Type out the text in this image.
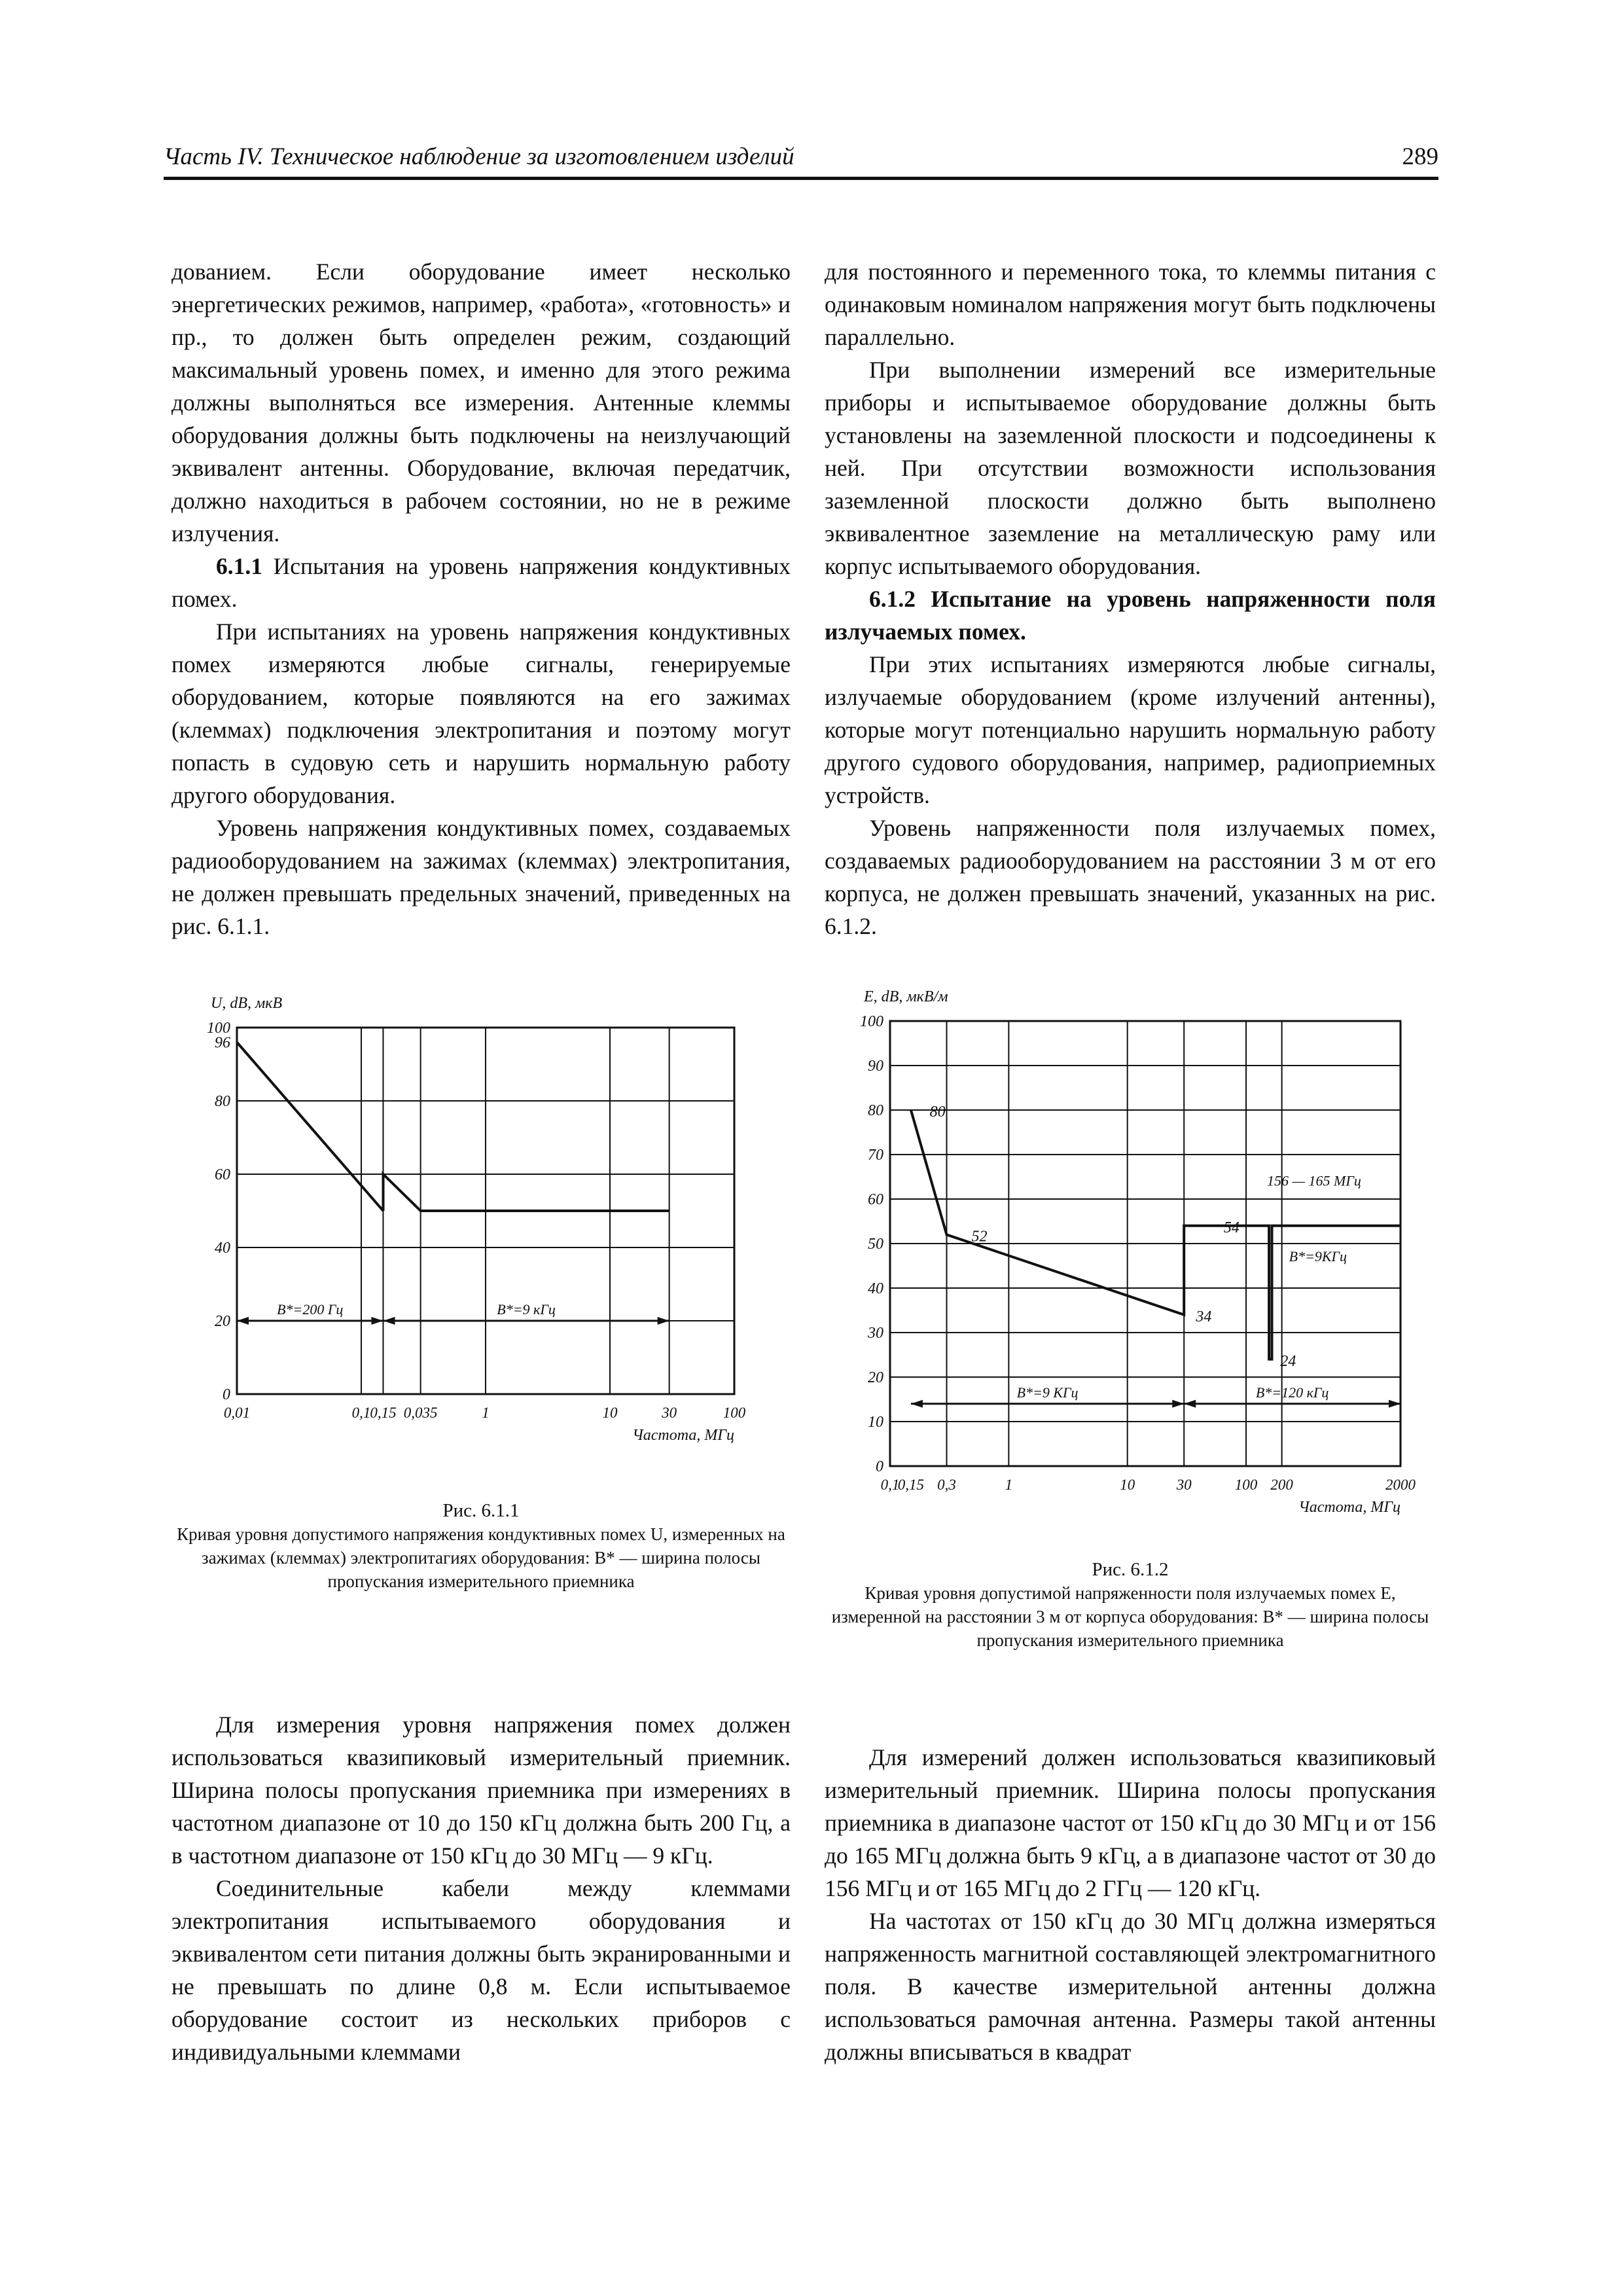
Часть IV. Техническое наблюдение за изготовлением изделий	289

дованием. Если оборудование имеет несколько энергетических режимов, например, «работа», «готовность» и пр., то должен быть определен режим, создающий максимальный уровень помех, и именно для этого режима должны выполняться все измерения. Антенные клеммы оборудования должны быть подключены на неизлучающий эквивалент антенны. Оборудование, включая передатчик, должно находиться в рабочем состоянии, но не в режиме излучения.

6.1.1 Испытания на уровень напряжения кондуктивных помех.

При испытаниях на уровень напряжения кондуктивных помех измеряются любые сигналы, генерируемые оборудованием, которые появляются на его зажимах (клеммах) подключения электропитания и поэтому могут попасть в судовую сеть и нарушить нормальную работу другого оборудования.

Уровень напряжения кондуктивных помех, создаваемых радиооборудованием на зажимах (клеммах) электропитания, не должен превышать предельных значений, приведенных на рис. 6.1.1.

для постоянного и переменного тока, то клеммы питания с одинаковым номиналом напряжения могут быть подключены параллельно.

При выполнении измерений все измерительные приборы и испытываемое оборудование должны быть установлены на заземленной плоскости и подсоединены к ней. При отсутствии возможности использования заземленной плоскости должно быть выполнено эквивалентное заземление на металлическую раму или корпус испытываемого оборудования.

6.1.2 Испытание на уровень напряженности поля излучаемых помех.

При этих испытаниях измеряются любые сигналы, излучаемые оборудованием (кроме излучений антенны), которые могут потенциально нарушить нормальную работу другого судового оборудования, например, радиоприемных устройств.

Уровень напряженности поля излучаемых помех, создаваемых радиооборудованием на расстоянии 3 м от его корпуса, не должен превышать значений, указанных на рис. 6.1.2.

U, dB, мкВ
Частота, МГц
0
20
40
60
80
96
100
0,01	0,1
0,15 0,035	1	10	30	100
B*=200 Гц	B*=9 кГц
Рис. 6.1.1
Кривая уровня допустимого напряжения кондуктивных помех U, измеренных на зажимах (клеммах) электропитагиях оборудования: B* — ширина полосы пропускания измерительного приемника
E, dB, мкВ/м
Частота, МГц
0
10
20
30
40
50
60
70
80
90
100
0,1
0,15 0,3	1	10	30	100 200	2000
B*=9 КГц	B*=120 кГц
80
52
34
54
24
156 — 165 МГц
B*=9КГц
Рис. 6.1.2
Кривая уровня допустимой напряженности поля излучаемых помех E, измеренной на расстоянии 3 м от корпуса оборудования: B* — ширина полосы пропускания измерительного приемника

Для измерения уровня напряжения помех должен использоваться квазипиковый измерительный приемник. Ширина полосы пропускания приемника при измерениях в частотном диапазоне от 10 до 150 кГц должна быть 200 Гц, а в частотном диапазоне от 150 кГц до 30 МГц — 9 кГц.

Соединительные кабели между клеммами электропитания испытываемого оборудования и эквивалентом сети питания должны быть экранированными и не превышать по длине 0,8 м. Если испытываемое оборудование состоит из нескольких приборов с индивидуальными клеммами

Для измерений должен использоваться квазипиковый измерительный приемник. Ширина полосы пропускания приемника в диапазоне частот от 150 кГц до 30 МГц и от 156 до 165 МГц должна быть 9 кГц, а в диапазоне частот от 30 до 156 МГц и от 165 МГц до 2 ГГц — 120 кГц.

На частотах от 150 кГц до 30 МГц должна измеряться напряженность магнитной составляющей электромагнитного поля. В качестве измерительной антенны должна использоваться рамочная антенна. Размеры такой антенны должны вписываться в квадрат
